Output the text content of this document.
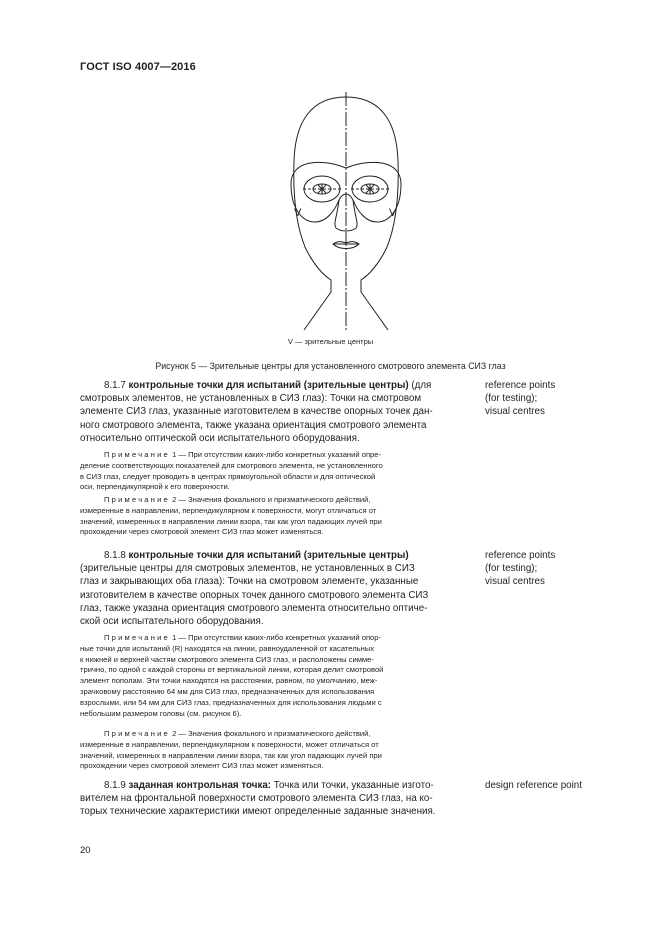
ГОСТ ISO 4007—2016
V	V
V — зрительные центры
Рисунок 5 — Зрительные центры для установленного смотрового элемента СИЗ глаз
8.1.7 контрольные точки для испытаний (зрительные центры) (для
смотровых элементов, не установленных в СИЗ глаз): Точки на смотровом
элементе СИЗ глаз, указанные изготовителем в качестве опорных точек дан-
ного смотрового элемента, также указана ориентация смотрового элемента
относительно оптической оси испытательного оборудования.
reference points
(for testing);
visual centres
Примечание 1 — При отсутствии каких-либо конкретных указаний опре-
деление соответствующих показателей для смотрового элемента, не установленного
в СИЗ глаз, следует проводить в центрах прямоугольной области и для оптической
оси, перпендикулярной к его поверхности.
Примечание 2 — Значения фокального и призматического действий,
измеренные в направлении, перпендикулярном к поверхности, могут отличаться от
значений, измеренных в направлении линии взора, так как угол падающих лучей при
прохождении через смотровой элемент СИЗ глаз может изменяться.
8.1.8 контрольные точки для испытаний (зрительные центры)
(зрительные центры для смотровых элементов, не установленных в СИЗ
глаз и закрывающих оба глаза): Точки на смотровом элементе, указанные
изготовителем в качестве опорных точек данного смотрового элемента СИЗ
глаз, также указана ориентация смотрового элемента относительно оптиче-
ской оси испытательного оборудования.
reference points
(for testing);
visual centres
Примечание 1 — При отсутствии каких-либо конкретных указаний опор-
ные точки для испытаний (R) находятся на линии, равноудаленной от касательных
к нижней и верхней частям смотрового элемента СИЗ глаз, и расположены симме-
трично, по одной с каждой стороны от вертикальной линии, которая делит смотровой
элемент пополам. Эти точки находятся на расстоянии, равном, по умолчанию, меж-
зрачковому расстоянию 64 мм для СИЗ глаз, предназначенных для использования
взрослыми, или 54 мм для СИЗ глаз, предназначенных для использования людьми с
небольшим размером головы (см. рисунок 6).
Примечание 2 — Значения фокального и призматического действий,
измеренные в направлении, перпендикулярном к поверхности, может отличаться от
значений, измеренных в направлении линии взора, так как угол падающих лучей при
прохождении через смотровой элемент СИЗ глаз может изменяться.
8.1.9 заданная контрольная точка: Точка или точки, указанные изгото-
вителем на фронтальной поверхности смотрового элемента СИЗ глаз, на ко-
торых технические характеристики имеют определенные заданные значения.
design reference point
20
